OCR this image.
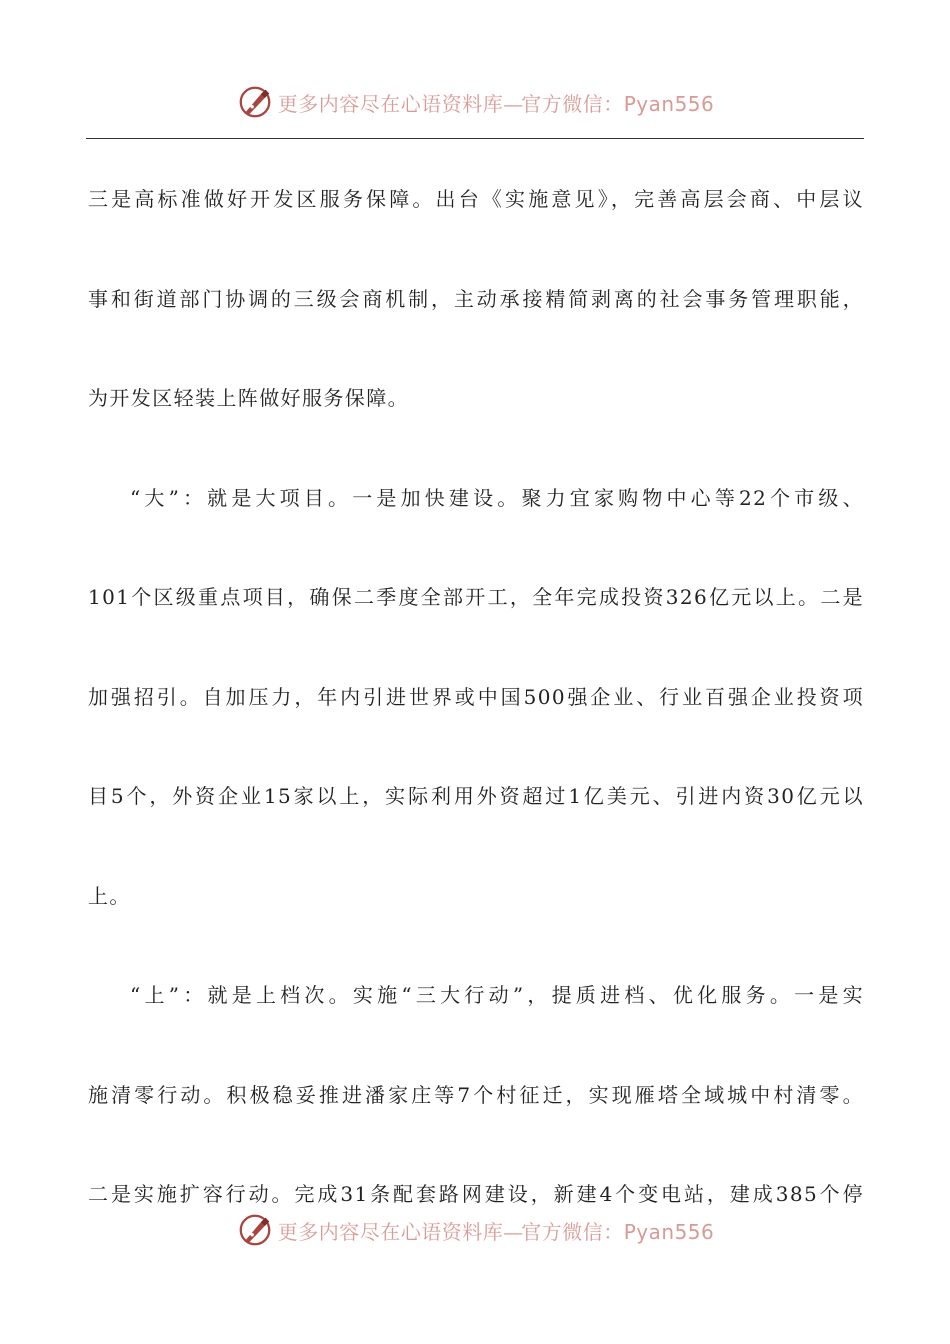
更多内容尽在心语资料库—官方微信：Pyan556
三是高标准做好开发区服务保障。出台《实施意见》，完善高层会商、中层议
事和街道部门协调的三级会商机制，主动承接精简剥离的社会事务管理职能，
为开发区轻装上阵做好服务保障。
“大”：就是大项目。一是加快建设。聚力宜家购物中心等22个市级、
101个区级重点项目，确保二季度全部开工，全年完成投资326亿元以上。二是
加强招引。自加压力，年内引进世界或中国500强企业、行业百强企业投资项
目5个，外资企业15家以上，实际利用外资超过1亿美元、引进内资30亿元以
上。
“上”：就是上档次。实施“三大行动”，提质进档、优化服务。一是实
施清零行动。积极稳妥推进潘家庄等7个村征迁，实现雁塔全域城中村清零。
二是实施扩容行动。完成31条配套路网建设，新建4个变电站，建成385个停
更多内容尽在心语资料库—官方微信：Pyan556
